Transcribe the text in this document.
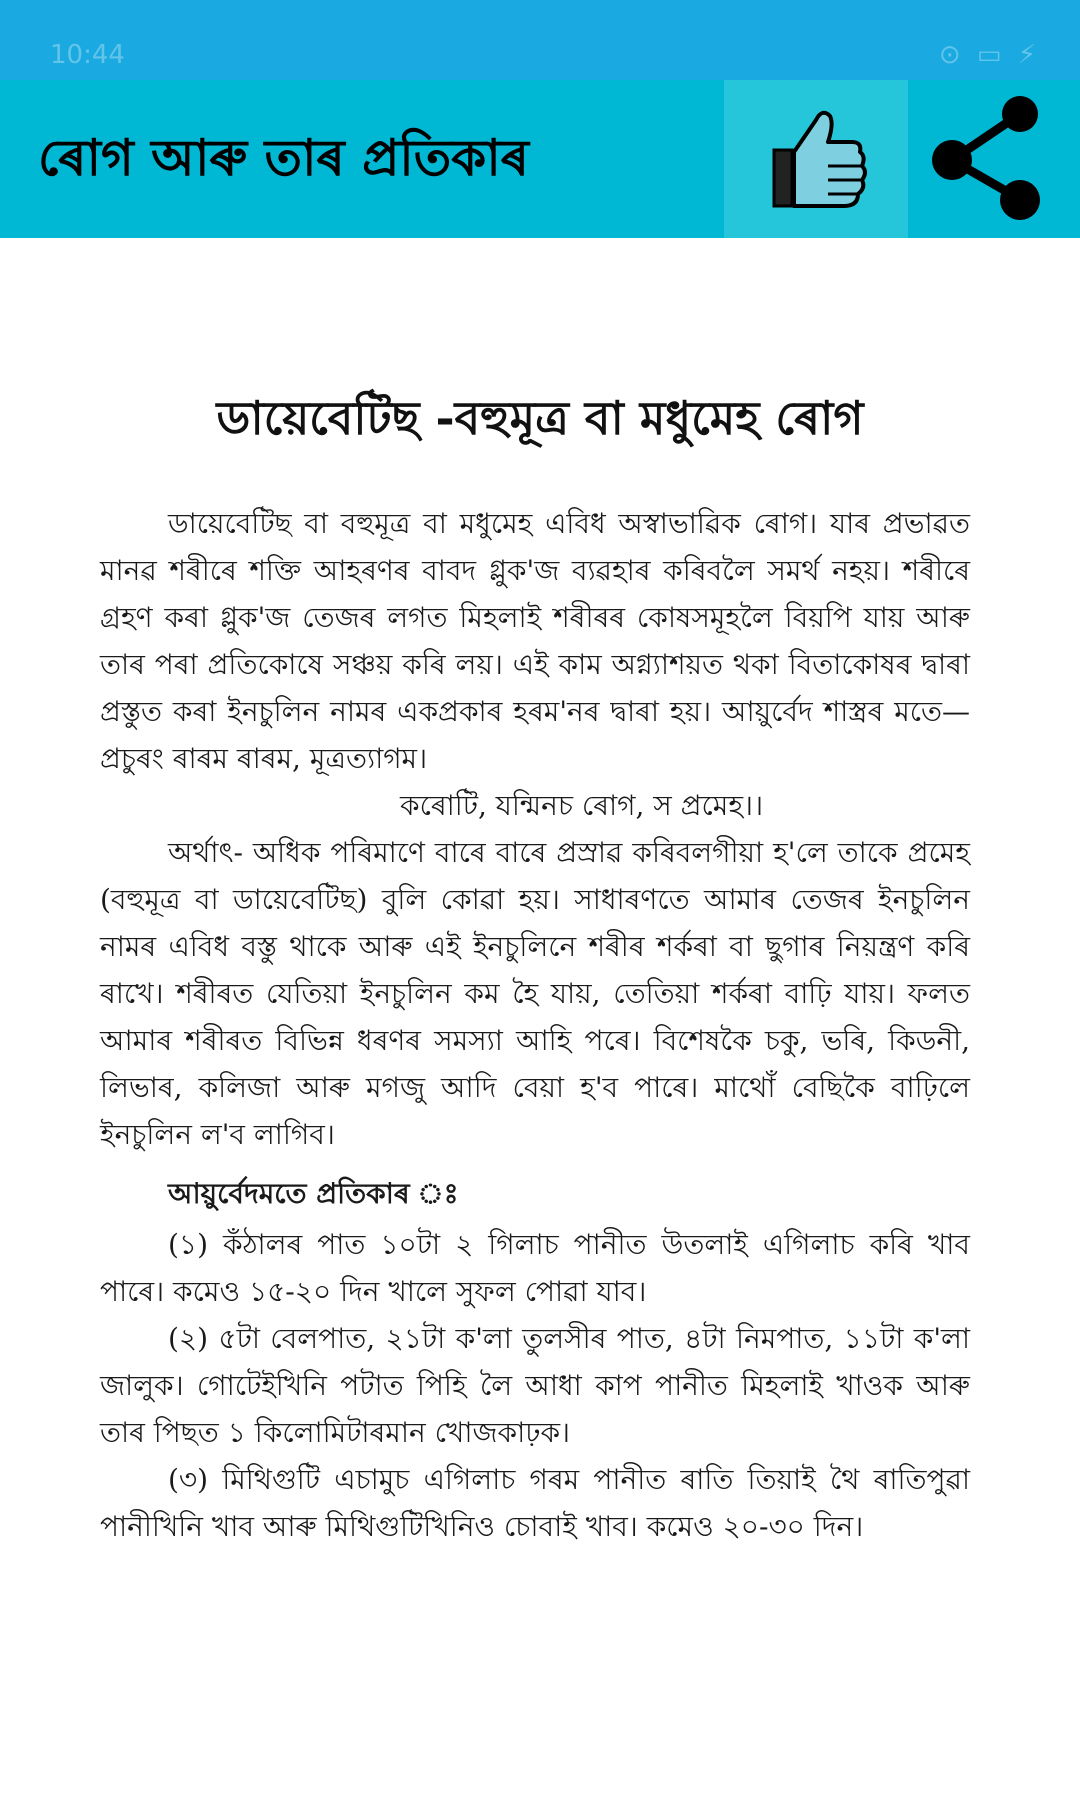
10:44	⊙ ▭ ⚡
ৰোগ আৰু তাৰ প্ৰতিকাৰ
ডায়েবেটিছ -বহুমূত্ৰ বা মধুমেহ ৰোগ

ডায়েবেটিছ বা বহুমূত্ৰ বা মধুমেহ এবিধ অস্বাভাৱিক ৰোগ। যাৰ প্ৰভাৱত মানৱ শৰীৰে শক্তি আহৰণৰ বাবদ গ্লুক'জ ব্যৱহাৰ কৰিবলৈ সমৰ্থ নহয়। শৰীৰে গ্ৰহণ কৰা গ্লুক'জ তেজৰ লগত মিহলাই শৰীৰৰ কোষসমূহলৈ বিয়পি যায় আৰু তাৰ পৰা প্ৰতিকোষে সঞ্চয় কৰি লয়। এই কাম অগ্ন্যাশয়ত থকা বিতাকোষৰ দ্বাৰা প্ৰস্তুত কৰা ইনচুলিন নামৰ একপ্ৰকাৰ হৰম'নৰ দ্বাৰা হয়। আয়ুৰ্বেদ শাস্ত্ৰৰ মতে— প্ৰচুৰং ৰাৰম ৰাৰম, মূত্ৰত্যাগম।

কৰোটি, যন্মিনচ ৰোগ, স প্ৰমেহ।।

অৰ্থাৎ- অধিক পৰিমাণে বাৰে বাৰে প্ৰস্ৰাৱ কৰিবলগীয়া হ'লে তাকে প্ৰমেহ (বহুমূত্ৰ বা ডায়েবেটিছ) বুলি কোৱা হয়। সাধাৰণতে আমাৰ তেজৰ ইনচুলিন নামৰ এবিধ বস্তু থাকে আৰু এই ইনচুলিনে শৰীৰ শৰ্কৰা বা ছুগাৰ নিয়ন্ত্ৰণ কৰি ৰাখে। শৰীৰত যেতিয়া ইনচুলিন কম হৈ যায়, তেতিয়া শৰ্কৰা বাঢ়ি যায়। ফলত আমাৰ শৰীৰত বিভিন্ন ধৰণৰ সমস্যা আহি পৰে। বিশেষকৈ চকু, ভৰি, কিডনী, লিভাৰ, কলিজা আৰু মগজু আদি বেয়া হ'ব পাৰে। মাথোঁ বেছিকৈ বাঢ়িলে ইনচুলিন ল'ব লাগিব।

আয়ুৰ্বেদমতে প্ৰতিকাৰ ঃ

(১) কঁঠালৰ পাত ১০টা ২ গিলাচ পানীত উতলাই এগিলাচ কৰি খাব পাৰে। কমেও ১৫-২০ দিন খালে সুফল পোৱা যাব।

(২) ৫টা বেলপাত, ২১টা ক'লা তুলসীৰ পাত, ৪টা নিমপাত, ১১টা ক'লা জালুক। গোটেইখিনি পটাত পিহি লৈ আধা কাপ পানীত মিহলাই খাওক আৰু তাৰ পিছত ১ কিলোমিটাৰমান খোজকাঢ়ক।

(৩) মিথিগুটি এচামুচ এগিলাচ গৰম পানীত ৰাতি তিয়াই থৈ ৰাতিপুৱা পানীখিনি খাব আৰু মিথিগুটিখিনিও চোবাই খাব। কমেও ২০-৩০ দিন।
